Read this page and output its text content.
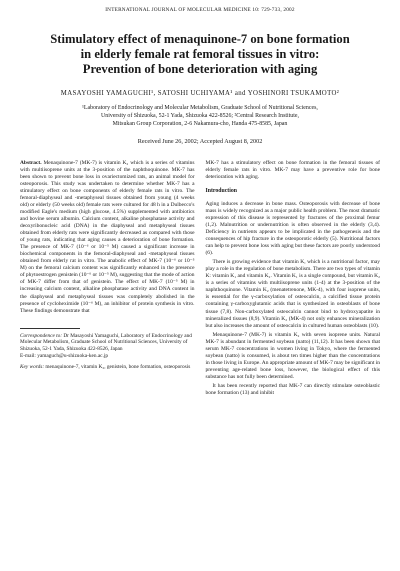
INTERNATIONAL JOURNAL OF MOLECULAR MEDICINE 10: 729-733, 2002
Stimulatory effect of menaquinone-7 on bone formation
in elderly female rat femoral tissues in vitro:
Prevention of bone deterioration with aging
MASAYOSHI YAMAGUCHI¹, SATOSHI UCHIYAMA¹ and YOSHINORI TSUKAMOTO²
¹Laboratory of Endocrinology and Molecular Metabolism, Graduate School of Nutritional Sciences,
University of Shizuoka, 52-1 Yada, Shizuoka 422-8526; ²Central Research Institute,
Mitsukan Group Corporation, 2-6 Nakamura-cho, Handa 475-8585, Japan
Received June 26, 2002; Accepted August 8, 2002

Abstract. Menaquinone-7 (MK-7) is vitamin K₂ which is a series of vitamins with multiisoprene units at the 3-position of the naphthoquinone. MK-7 has been shown to prevent bone loss in ovariectomized rats, an animal model for osteoporosis. This study was undertaken to determine whether MK-7 has a stimulatory effect on bone components of elderly female rats in vitro. The femoral-diaphyseal and -metaphyseal tissues obtained from young (4 weeks old) or elderly (50 weeks old) female rats were cultured for 48 h in a Dulbecco's modified Eagle's medium (high glucose, 4.5%) supplemented with antibiotics and bovine serum albumin. Calcium content, alkaline phosphatase activity and deoxyribonucleic acid (DNA) in the diaphyseal and metaphyseal tissues obtained from elderly rats were significantly decreased as compared with those of young rats, indicating that aging causes a deterioration of bone formation. The presence of MK-7 (10⁻⁶ or 10⁻⁵ M) caused a significant increase in biochemical components in the femoral-diaphyseal and -metaphyseal tissues obtained from elderly rat in vitro. The anabolic effect of MK-7 (10⁻⁶ or 10⁻⁵ M) on the femoral calcium content was significantly enhanced in the presence of phytoestrogen genistein (10⁻⁶ or 10⁻⁵ M), suggesting that the mode of action of MK-7 differ from that of genistein. The effect of MK-7 (10⁻⁵ M) in increasing calcium content, alkaline phosphatase activity and DNA content in the diaphyseal and metaphyseal tissues was completely abolished in the presence of cycloheximide (10⁻⁶ M), an inhibitor of protein synthesis in vitro. These findings demonstrate that

Correspondence to: Dr Masayoshi Yamaguchi, Laboratory of Endocrinology and Molecular Metabolism, Graduate School of Nutritional Sciences, University of Shizuoka, 52-1 Yada, Shizuoka 422-8526, Japan
E-mail: yamaguch@u-shizuoka-ken.ac.jp

Key words: menaquinone-7, vitamin K₂, genistein, bone formation, osteoporosis

MK-7 has a stimulatory effect on bone formation in the femoral tissues of elderly female rats in vitro. MK-7 may have a preventive role for bone deterioration with aging.

Introduction

Aging induces a decrease in bone mass. Osteoporosis with decrease of bone mass is widely recognized as a major public health problem. The most dramatic expression of this disease is represented by fractures of the proximal femur (1,2). Malnutrition or undernutrition is often observed in the elderly (3,4). Deficiency in nutrients appears to be implicated in the pathogenesis and the consequences of hip fracture in the osteoporotic elderly (5). Nutritional factors can help to prevent bone loss with aging but these factors are poorly understood (6).

There is growing evidence that vitamin K, which is a nutritional factor, may play a role in the regulation of bone metabolism. There are two types of vitamin K: vitamin K₁ and vitamin K₂. Vitamin K₁ is a single compound, but vitamin K₂ is a series of vitamins with multiisoprene units (1-4) at the 3-position of the naphthoquinone. Vitamin K₂ (menatetrenone, MK-4), with four isoprene units, is essential for the γ-carboxylation of osteocalcin, a calcified tissue protein containing γ-carboxyglutamic acids that is synthesized in osteoblasts of bone tissue (7,8). Non-carboxylated osteocalcin cannot bind to hydroxyapatite in mineralized tissues (8,9). Vitamin K₂ (MK-4) not only enhances mineralization but also increases the amount of osteocalcin in cultured human osteoblasts (10).

Menaquinone-7 (MK-7) is vitamin K₂ with seven isoprene units. Natural MK-7 is abundant in fermented soybean (natto) (11,12). It has been shown that serum MK-7 concentrations in women living in Tokyo, where the fermented soybean (natto) is consumed, is about ten times higher than the concentrations in those living in Europe. An appropriate amount of MK-7 may be significant in preventing age-related bone loss, however, the biological effect of this substance has not fully been determined.

It has been recently reported that MK-7 can directly stimulate osteoblastic bone formation (13) and inhibit
